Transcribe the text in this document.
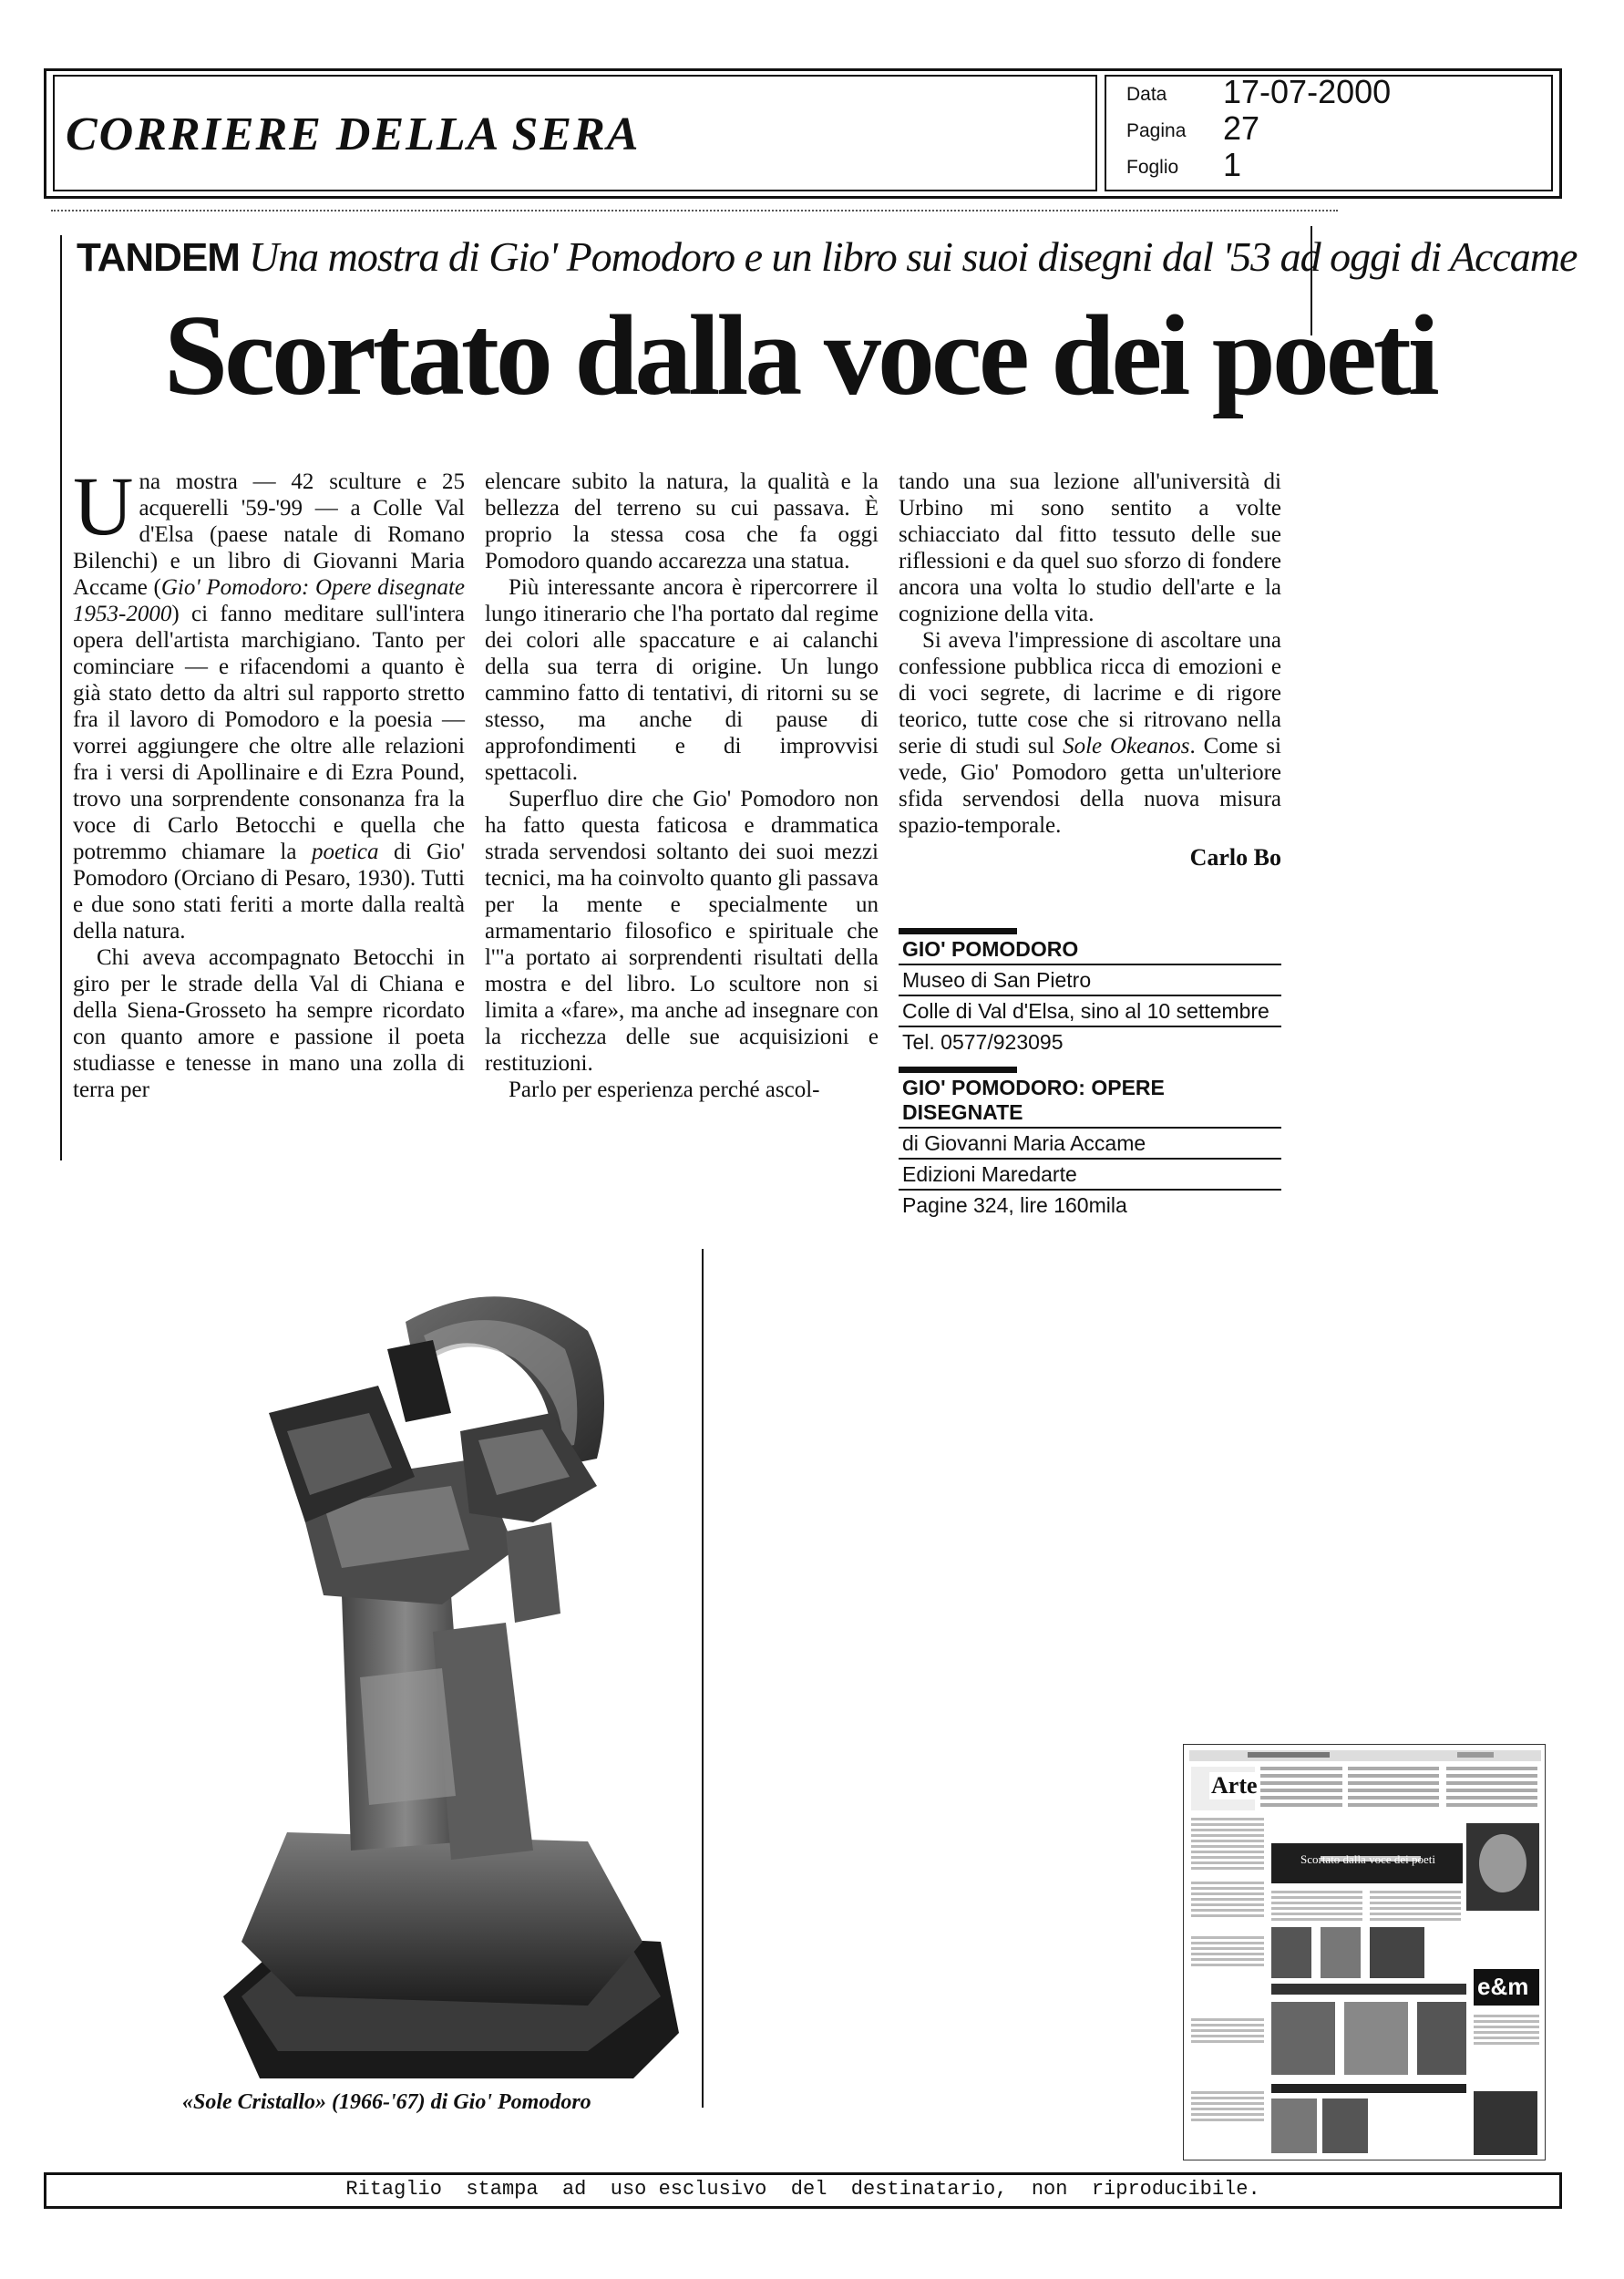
CORRIERE DELLA SERA
Data 17-07-2000
Pagina 27
Foglio 1
TANDEM Una mostra di Gio' Pomodoro e un libro sui suoi disegni dal '53 ad oggi di Accame
Scortato dalla voce dei poeti

Una mostra — 42 sculture e 25 acquerelli '59-'99 — a Colle Val d'Elsa (paese natale di Romano Bilenchi) e un libro di Giovanni Maria Accame (Gio' Pomodoro: Opere disegnate 1953-2000) ci fanno meditare sull'intera opera dell'artista marchigiano. Tanto per cominciare — e rifacendomi a quanto è già stato detto da altri sul rapporto stretto fra il lavoro di Pomodoro e la poesia — vorrei aggiungere che oltre alle relazioni fra i versi di Apollinaire e di Ezra Pound, trovo una sorprendente consonanza fra la voce di Carlo Betocchi e quella che potremmo chiamare la poetica di Gio' Pomodoro (Orciano di Pesaro, 1930). Tutti e due sono stati feriti a morte dalla realtà della natura.

Chi aveva accompagnato Betocchi in giro per le strade della Val di Chiana e della Siena-Grosseto ha sempre ricordato con quanto amore e passione il poeta studiasse e tenesse in mano una zolla di terra per

elencare subito la natura, la qualità e la bellezza del terreno su cui passava. È proprio la stessa cosa che fa oggi Pomodoro quando accarezza una statua.

Più interessante ancora è ripercorrere il lungo itinerario che l'ha portato dal regime dei colori alle spaccature e ai calanchi della sua terra di origine. Un lungo cammino fatto di tentativi, di ritorni su se stesso, ma anche di pause di approfondimenti e di improvvisi spettacoli.

Superfluo dire che Gio' Pomodoro non ha fatto questa faticosa e drammatica strada servendosi soltanto dei suoi mezzi tecnici, ma ha coinvolto quanto gli passava per la mente e specialmente un armamentario filosofico e spirituale che l'"a portato ai sorprendenti risultati della mostra e del libro. Lo scultore non si limita a «fare», ma anche ad insegnare con la ricchezza delle sue acquisizioni e restituzioni.

Parlo per esperienza perché ascol-

tando una sua lezione all'università di Urbino mi sono sentito a volte schiacciato dal fitto tessuto delle sue riflessioni e da quel suo sforzo di fondere ancora una volta lo studio dell'arte e la cognizione della vita.

Si aveva l'impressione di ascoltare una confessione pubblica ricca di emozioni e di voci segrete, di lacrime e di rigore teorico, tutte cose che si ritrovano nella serie di studi sul Sole Okeanos. Come si vede, Gio' Pomodoro getta un'ulteriore sfida servendosi della nuova misura spazio-temporale.

Carlo Bo
GIO' POMODORO
Museo di San Pietro
Colle di Val d'Elsa, sino al 10 settembre
Tel. 0577/923095
GIO' POMODORO: OPERE DISEGNATE
di Giovanni Maria Accame
Edizioni Maredarte
Pagine 324, lire 160mila
«Sole Cristallo» (1966-'67) di Gio' Pomodoro
Arte
Scortato dalla voce dei poeti
e&m
Ritaglio  stampa  ad  uso esclusivo  del  destinatario,  non  riproducibile.
